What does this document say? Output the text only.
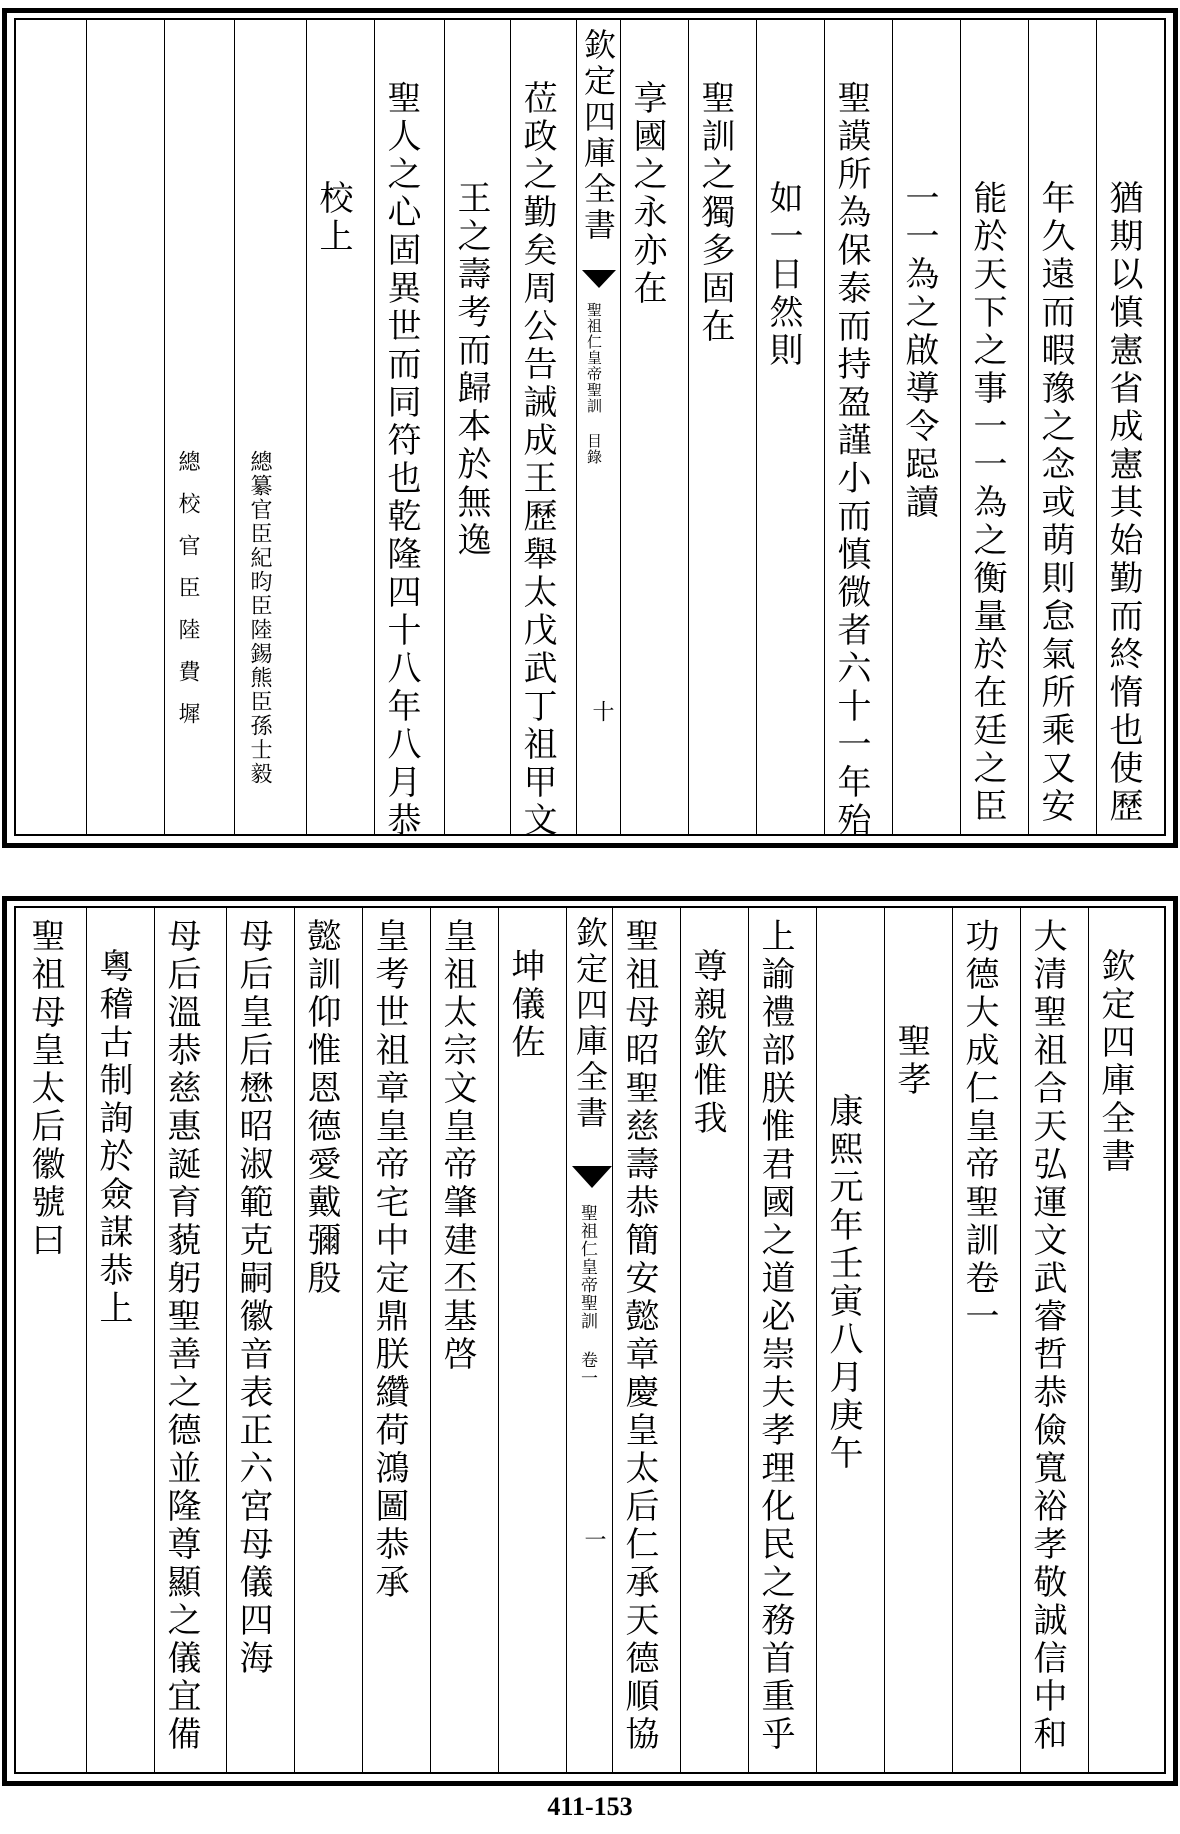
欽定四庫全書
聖祖仁皇帝聖訓 目錄
十	猶期以慎憲省成憲其始勤而終惰也使歷
年久遠而暇豫之念或萌則怠氣所乘又安
能於天下之事一一為之衡量於在廷之臣
一一為之啟導令跽讀
聖謨所為保泰而持盈謹小而慎微者六十一年殆
如一日然則
聖訓之獨多固在
享國之永亦在
莅政之勤矣周公告誡成王歷舉太戊武丁祖甲文
王之壽考而歸本於無逸
聖人之心固異世而同符也乾隆四十八年八月恭
校上
總纂官臣紀昀臣陸錫熊臣孫士毅
總校官臣陸費墀
欽定四庫全書
聖祖仁皇帝聖訓 卷一
一
欽定四庫全書
大清聖祖合天弘運文武睿哲恭儉寬裕孝敬誠信中和
功德大成仁皇帝聖訓卷一
聖孝
康熙元年壬寅八月庚午
上諭禮部朕惟君國之道必崇夫孝理化民之務首重乎
尊親欽惟我
聖祖母昭聖慈壽恭簡安懿章慶皇太后仁承天德順協
坤儀佐
皇祖太宗文皇帝肇建丕基啓
皇考世祖章皇帝宅中定鼎朕纘荷鴻圖恭承
懿訓仰惟恩德愛戴彌殷
母后皇后懋昭淑範克嗣徽音表正六宮母儀四海
母后溫恭慈惠誕育藐躬聖善之德並隆尊顯之儀宜備
粵稽古制詢於僉謀恭上
聖祖母皇太后徽號曰
411-153
